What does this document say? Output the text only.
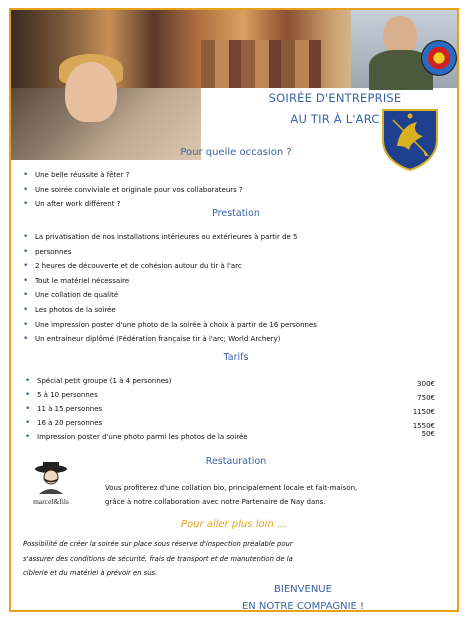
SOIRÉE D'ENTREPRISE
AU TIR À L'ARC
Pour quelle occasion ?
• Une belle réussite à fêter ?
• Une soirée conviviale et originale pour vos collaborateurs ?
• Un after work différent ?
Prestation
• La privatisation de nos installations intérieures ou extérieures à partir de 5
• personnes
• 2 heures de découverte et de cohésion autour du tir à l'arc
• Tout le matériel nécessaire
• Une collation de qualité
• Les photos de la soirée
• Une impression poster d'une photo de la soirée à choix à partir de 16 personnes
• Un entraineur diplômé (Fédération française tir à l'arc; World Archery)
Tarifs
• Spécial petit groupe (1 à 4 personnes)	300€
• 5 à 10 personnes	750€
• 11 à 15 personnes	1150€
• 16 à 20 personnes	1550€
• Impression poster d'une photo parmi les photos de la soirée	50€
Restauration
marcel&fils
Vous profiterez d'une collation bio, principalement locale et fait-maison,
grâce à notre collaboration avec notre Partenaire de Nay dans.
Pour aller plus loin …
Possibilité de créer la soirée sur place sous réserve d'inspection préalable pour
s'assurer des conditions de sécurité, frais de transport et de manutention de la
ciblerie et du matériel à prévoir en sus.
BIENVENUE
EN NOTRE COMPAGNIE !
